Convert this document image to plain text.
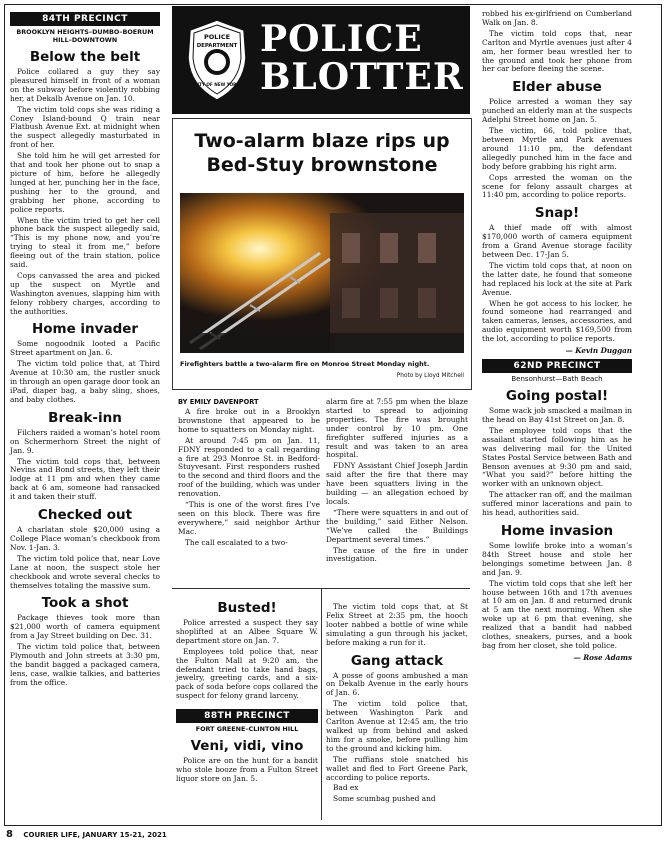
84TH PRECINCT
BROOKLYN HEIGHTS–DUMBO–BOERUM HILL–DOWNTOWN
Below the belt

Police collared a guy they say pleasured himself in front of a woman on the subway before violently robbing her, at Dekalb Avenue on Jan. 10.

The victim told cops she was riding a Coney Island-bound Q train near Flatbush Avenue Ext. at midnight when the suspect allegedly masturbated in front of her.

She told him he will get arrested for that and took her phone out to snap a picture of him, before he allegedly lunged at her, punching her in the face, pushing her to the ground, and grabbing her phone, according to police reports.

When the victim tried to get her cell phone back the suspect allegedly said, “This is my phone now, and you’re trying to steal it from me,” before fleeing out of the train station, police said.

Cops canvassed the area and picked up the suspect on Myrtle and Washington avenues, slapping him with felony robbery charges, according to the authorities.

Home invader

Some nogoodnik looted a Pacific Street apartment on Jan. 6.

The victim told police that, at Third Avenue at 10:30 am, the rustler snuck in through an open garage door took an iPad, diaper bag, a baby sling, shoes, and baby clothes.

Break-inn

Filchers raided a woman’s hotel room on Schermerhorn Street the night of Jan. 9.

The victim told cops that, between Nevins and Bond streets, they left their lodge at 11 pm and when they came back at 6 am, someone had ransacked it and taken their stuff.

Checked out

A charlatan stole $20,000 using a College Place woman’s checkbook from Nov. 1-Jan. 3.

The victim told police that, near Love Lane at noon, the suspect stole her checkbook and wrote several checks to themselves totaling the massive sum.

Took a shot

Package thieves took more than $21,000 worth of camera equipment from a Jay Street building on Dec. 31.

The victim told police that, between Plymouth and John streets at 3:30 pm, the bandit bagged a packaged camera, lens, case, walkie talkies, and batteries from the office.

POLICE
DEPARTMENT
CITY OF NEW YORK
POLICE
BLOTTER
Two-alarm blaze rips up Bed-Stuy brownstone
Firefighters battle a two-alarm fire on Monroe Street Monday night.
Photo by Lloyd Mitchell
BY EMILY DAVENPORT

A fire broke out in a Brooklyn brownstone that appeared to be home to squatters on Monday night.

At around 7:45 pm on Jan. 11, FDNY responded to a call regarding a fire at 293 Monroe St. in Bedford-Stuyvesant. First responders rushed to the second and third floors and the roof of the building, which was under renovation.

“This is one of the worst fires I’ve seen on this block. There was fire everywhere,” said neighbor Arthur Mac.

The call escalated to a two-

alarm fire at 7:55 pm when the blaze started to spread to adjoining properties. The fire was brought under control by 10 pm. One firefighter suffered injuries as a result and was taken to an area hospital.

FDNY Assistant Chief Joseph Jardin said after the fire that there may have been squatters living in the building — an allegation echoed by locals.

“There were squatters in and out of the building,” said Either Nelson. “We’ve called the Buildings Department several times.”

The cause of the fire in under investigation.

Busted!

Police arrested a suspect they say shoplifted at an Albee Square W. department store on Jan. 7.

Employees told police that, near the Fulton Mall at 9:20 am, the defendant tried to take hand bags, jewelry, greeting cards, and a six-pack of soda before cops collared the suspect for felony grand larceny.

88TH PRECINCT
FORT GREENE–CLINTON HILL
Veni, vidi, vino

Police are on the hunt for a bandit who stole booze from a Fulton Street liquor store on Jan. 5.

The victim told cops that, at St Felix Street at 2:35 pm, the hooch looter nabbed a bottle of wine while simulating a gun through his jacket, before making a run for it.

Gang attack

A posse of goons ambushed a man on Dekalb Avenue in the early hours of Jan. 6.

The victim told police that, between Washington Park and Carlton Avenue at 12:45 am, the trio walked up from behind and asked him for a smoke, before pulling him to the ground and kicking him.

The ruffians stole snatched his wallet and fled to Fort Greene Park, according to police reports.

Bad ex

Some scumbag pushed and

robbed his ex-girlfriend on Cumberland Walk on Jan. 8.

The victim told cops that, near Carlton and Myrtle avenues just after 4 am, her former beau wrestled her to the ground and took her phone from her car before fleeing the scene.

Elder abuse

Police arrested a woman they say punched an elderly man at the suspects Adelphi Street home on Jan. 5.

The victim, 66, told police that, between Myrtle and Park avenues around 11:10 pm, the defendant allegedly punched him in the face and body before grabbing his right arm.

Cops arrested the woman on the scene for felony assault charges at 11:40 pm, according to police reports.

Snap!

A thief made off with almost $170,000 worth of camera equipment from a Grand Avenue storage facility between Dec. 17-Jan 5.

The victim told cops that, at noon on the latter date, he found that someone had replaced his lock at the site at Park Avenue.

When he got access to his locker, he found someone had rearranged and taken cameras, lenses, accessories, and audio equipment worth $169,500 from the lot, according to police reports.

— Kevin Duggan
62ND PRECINCT
Bensonhurst—Bath Beach
Going postal!

Some wack job smacked a mailman in the head on Bay 41st Street on Jan. 8.

The employee told cops that the assailant started following him as he was delivering mail for the United States Postal Service between Bath and Benson avenues at 9:30 pm and said, “What you said?” before hitting the worker with an unknown object.

The attacker ran off, and the mailman suffered minor lacerations and pain to his head, authorities said.

Home invasion

Some lowlife broke into a woman’s 84th Street house and stole her belongings sometime between Jan. 8 and Jan. 9.

The victim told cops that she left her house between 16th and 17th avenues at 10 am on Jan. 8 and returned drunk at 5 am the next morning. When she woke up at 6 pm that evening, she realized that a bandit had nabbed clothes, sneakers, purses, and a book bag from her closet, she told police.

— Rose Adams
8 COURIER LIFE, JANUARY 15-21, 2021
